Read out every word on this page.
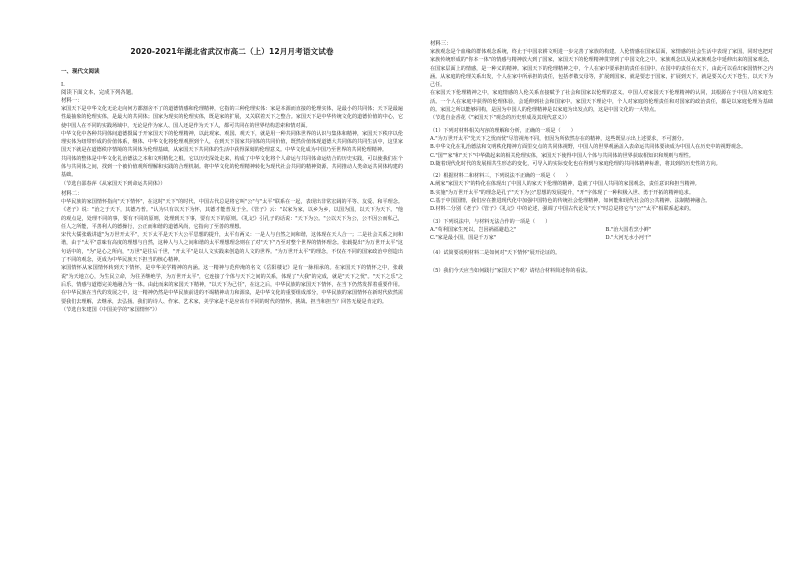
2020-2021年湖北省武汉市高二（上）12月月考语文试卷

一、现代文阅读

I.

阅读下面文本，完成下列各题。

材料一：

家国天下是中华文化无论走向何方都割舍不了的道德情感和伦理精神，它指的三种伦理实体：家是本源而直接的伦理实体，是最小的共同体；天下是最遍性最抽象的伦理实体，是最大的共同体；国家为现实的伦理实体，既是家的扩展，又关联着天下之整合。家国天下是中华传统文化的道德价值的中心，它使中国人在不同的实践场域中，无论是作为家人、国人还是作为天下人，都可共同在的世界结构思索和情对面。

中华文化中各种共同体间道德摄属于开家国天下的伦理精神，以此观家、观国、观天下，就是用一种共同体世界的认识与集体和精神，家国天下秩序以伦理实体为纽带形成的价值体系，继体、中华文化将伦理观照到个人，在到天下国家共同体的共同价值，既然价值体现道德大共同体的共同生活中，这里家国天下就是在道德秩序情境的共同体为伦理基础，从家国天下共同体的生活中获得深刻的伦理意义。中华文化成为中国乃至世界的共同伦理精神。

共同体的整体是中华文化礼治德法之本和文明精化之根。它以历史深处走来，构成了中华文化将个人命运与共同体命运结合的历史实践，可以使我们在个体与共同体之间，找到一个被价值观所理解和实践的合理机制。将中华文化的伦理精神转化为现代社会共同的精神资源，共同推动人类命运共同体构建的基础。

（节选自邵春萍《从家国天下到命运共同体》）

材料二：

中华民族的家国情怀指向"天下情怀"，在这时"天下"的时代，中国古代总是将它叫"公"与"太平"联系在一起，表现出非常宏阔的平等、友爱、和平理念。《老子》说："治之于天下，其德乃普。"认为只有以天下为怀，其德才能普及于全。《管子》云："以家为家，以乡为乡，以国为国，以天下为天下。"他的观点是，处理不同的事，要有不同的原则，处理到天下事，要有天下的原则。《礼记》引孔子的话说："天下为公。"公以天下为公，公不因公而私己，任人之所能，平善利人的德操行，公正而和谐的道德风尚，它指向了至善的理想。

宋代大儒张载讲道"为万世开太平"，天下太平是天下大公平思想的提升，太平有两义：一是人与自然之间和谐，这体现在天人合一；二是社会关系之间和谐，由于"太平"意味有高度的理想与自然，这种人与人之间和谐的太平理想理念则在了对"天下"乃至对整个世界的情怀理念。张载提出"为万世开太平"这句话中的，"为"是心之所向，"万世"是往后千世，"开太平"是以人文实践来创造的人文的世界。"为万世开太平"的理念，不仅在不同的国家政治中创造出了不同的观念，更成为中华民族天下担当的核心精神。

家国情怀从家国情怀转到天下情怀，是中华美学精神的内涵。这一精神与范仲淹的名文《岳阳楼记》是有一脉相承的。在家国天下的情怀之中，张载说"为天地立心，为生民立命，为往圣继绝学，为万世开太平"，它连接了个体与天下之间的关系，体现了"大我"的完成，就是"天下之忧"。"天下之乐"之后乐，情感与道德完美地融合为一体。由此而来的家国天下精神，"以天下为己任"，在这之后，中华民族的家国天下情怀，在当下仍然发挥着重要作用。在中华民族在当代的发展之中，这一精神仍然是中华民族前进的不竭精神动力和源泉，是中华文化的重要组成部分，中华民族的家国情怀在新时代依然需要我们去理解，去继承，去弘扬。我们的诗人、作家、艺术家，美学家是不是应该有不同的时代的情怀，挑战、担当和担当？回答无疑是肯定的。

（节选自朱建国《中国美学的"家国情怀"》）

材料三：

家族观念是个血缘的群体观念系统，终止于中国农耕文明进一步完善了家族的构建。人伦情感在国家层面，家情感的社会生活中表现了家国，同时也把对家族传统形成的"你本一体"的情感与精神放大到了国家，家国天下的伦理精神贯穿到了中国文化之中。家族观念以及从家族观念中延伸出来的国家观念，在国家层面上的情感，是一种义的精神。家国天下的伦理精神之中，个人在家中要承担的责任在国中，在国中的责任在天下，由此可以看出家国情怀之内涵。从家庭的伦理关系出发，个人在家中所承担的责任，包括孝敬父母等，扩展到国家，就是要忠于国家，扩展到天下，就是要关心天下苍生，以天下为己任。

在家国天下伦理精神之中，家庭情感的人伦关系直接赋予了社会和国家以伦理的意义。中国人对家国天下伦理精神的认同，其根源在于中国人的家庭生活。一个人在家庭中获得的伦理体验，会延伸到社会和国家中。家国天下理论中，个人对家庭的伦理责任和对国家的政治责任，都是以家庭伦理为基础的。家国之所以能够同构，是因为中国人的伦理精神是以家庭为出发点的，这是中国文化的一大特点。

（节选自金香花《"家国天下"观念的历史形成及其现代意义》）

（1）下列对材料相关内容的理解和分析，正确的一项是（　　）

A."为万世开太平"先天下之忧而忧"尽管视角不同，但因为所依然存在的精神，这些既显示出上述要求，不可割分。

B.中华文化在礼治德法和文明秩化精神方面里交点的共同体视野，中国人的世界观涵盖入表命运共同体要读成为中国人在历史中的视野观念。

C."国""家"和"天下"中华做起来的相关伦理实体，家国天下使得中国人个体与共同体的世界获取相知识和规则与理性。

D.随着现代化时代的发展相共生形态的变化，可导入的实际变化也在得到与家庭伦理的共同体精神标准，将其到的历史性的方向。

（2）根据材料二和材料三，下列说法不正确的一项是（　　）

A.阐家"家国天下"的特化在体现出了中国人的家天下伦理的精神，造就了中国人共同的家国观念，责任意识和担当精神。

B.实施"为万世开太平"的理念是孔子"天下为公"思想的发展提升，"开"字体现了一种积极入世、勇于开拓的精神追求。

C.基于中国国情，我们应在推进现代化中加强中国特色的传统社会伦理精神，如何能和现代社会的公共精神、法制精神融合。

D.材料二分别《老子》《管子》《礼记》中的论述，强调了中国古代论及"天下"时总是将它与"公""太平"相联系起来的。

（3）下列说法中，与材料无法合作的一项是（　　）

A."苟利国家生死以，岂因祸福避趋之"	B."治大国若烹小鲜"
C."家是最小国，国是千万家"	D."大河无水小河干"

（4）试简要说明材料二是如何对"天下情怀"展开论证的。

（5）我们今天应当如何践行"家国天下"观？请结合材料简述你的看法。
